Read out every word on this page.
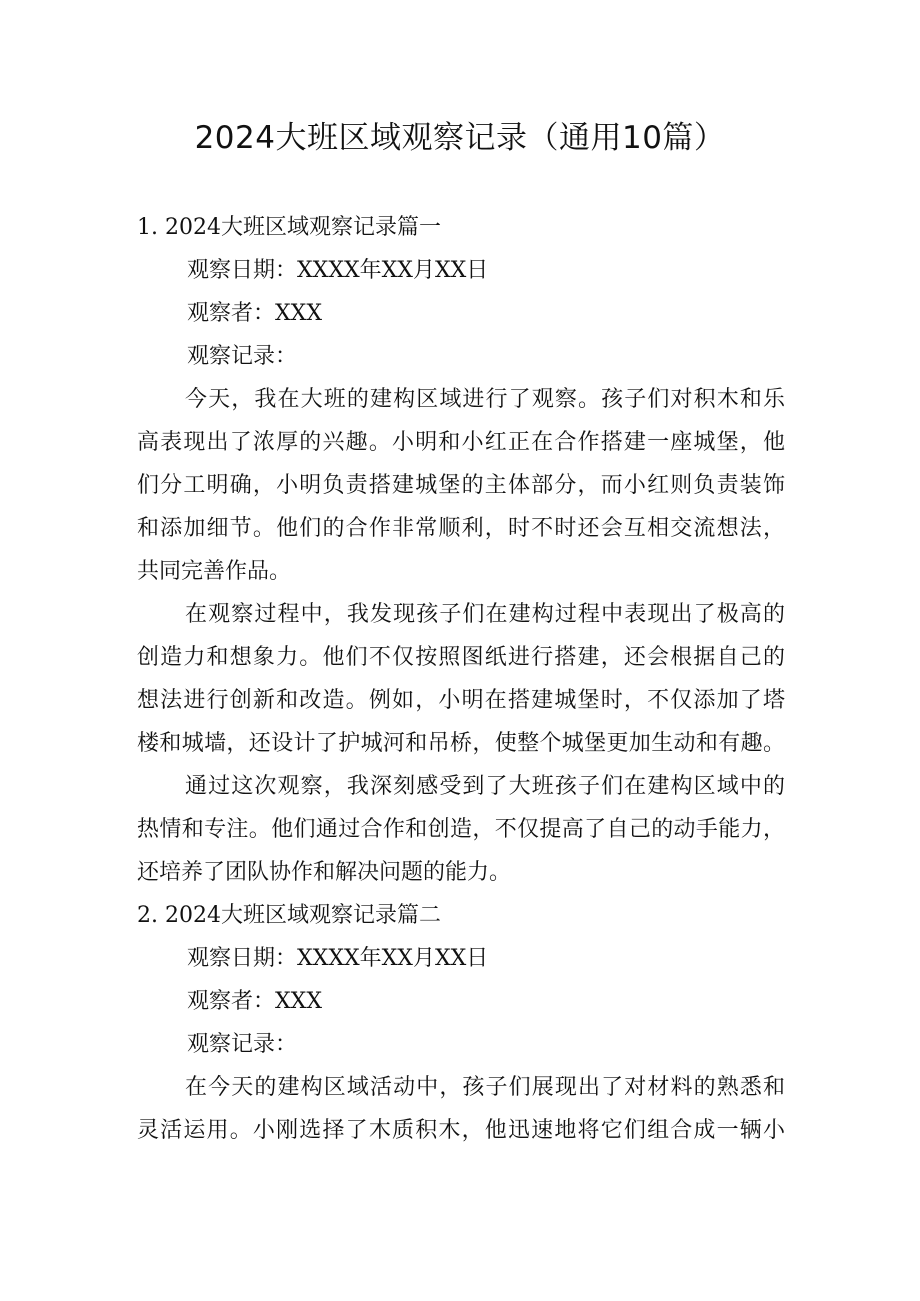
2024大班区域观察记录（通用10篇）
1. 2024大班区域观察记录篇一

观察日期：XXXX年XX月XX日

观察者：XXX

观察记录：

今天，我在大班的建构区域进行了观察。孩子们对积木和乐
高表现出了浓厚的兴趣。小明和小红正在合作搭建一座城堡，他
们分工明确，小明负责搭建城堡的主体部分，而小红则负责装饰
和添加细节。他们的合作非常顺利，时不时还会互相交流想法，
共同完善作品。

在观察过程中，我发现孩子们在建构过程中表现出了极高的
创造力和想象力。他们不仅按照图纸进行搭建，还会根据自己的
想法进行创新和改造。例如，小明在搭建城堡时，不仅添加了塔
楼和城墙，还设计了护城河和吊桥，使整个城堡更加生动和有趣。

通过这次观察，我深刻感受到了大班孩子们在建构区域中的
热情和专注。他们通过合作和创造，不仅提高了自己的动手能力，
还培养了团队协作和解决问题的能力。

2. 2024大班区域观察记录篇二

观察日期：XXXX年XX月XX日

观察者：XXX

观察记录：

在今天的建构区域活动中，孩子们展现出了对材料的熟悉和
灵活运用。小刚选择了木质积木，他迅速地将它们组合成一辆小
